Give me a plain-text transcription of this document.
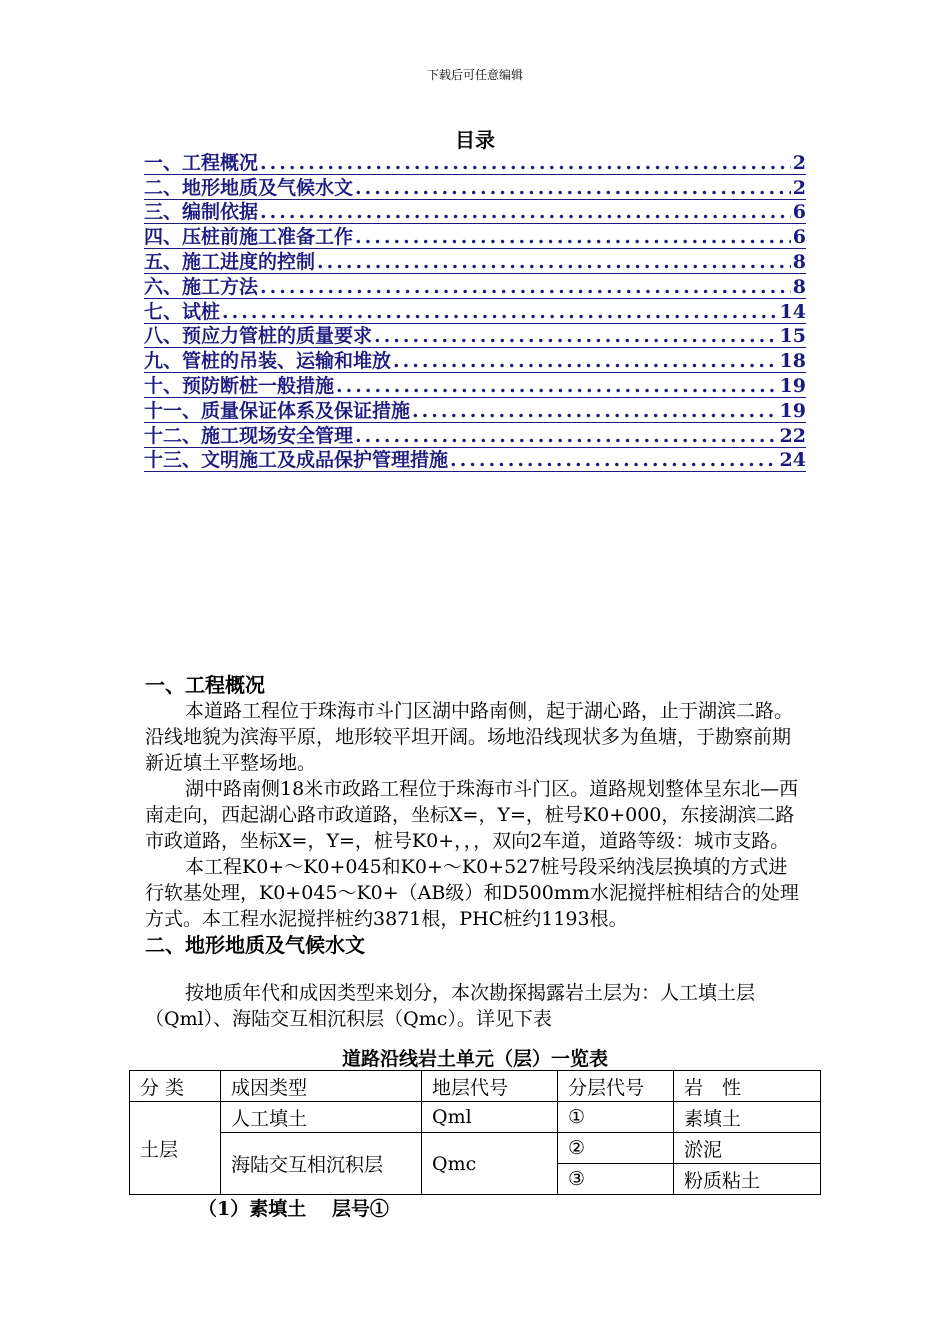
下载后可任意编辑
目录
一、工程概况 .....	2
二、地形地质及气候水文 .....	2
三、编制依据 .....	6
四、压桩前施工准备工作 .....	6
五、施工进度的控制 .....	8
六、施工方法 .....	8
七、试桩 .....	14
八、预应力管桩的质量要求 .....	15
九、管桩的吊装、运输和堆放 .....	18
十、预防断桩一般措施 .....	19
十一、质量保证体系及保证措施 .....	19
十二、施工现场安全管理 .....	22
十三、文明施工及成品保护管理措施 .....	24
一、工程概况

本道路工程位于珠海市斗门区湖中路南侧，起于湖心路，止于湖滨二路。沿线地貌为滨海平原，地形较平坦开阔。场地沿线现状多为鱼塘，于勘察前期新近填土平整场地。

湖中路南侧18米市政路工程位于珠海市斗门区。道路规划整体呈东北—西南走向，西起湖心路市政道路，坐标X=，Y=，桩号K0+000，东接湖滨二路市政道路，坐标X=，Y=，桩号K0+，，，双向2车道，道路等级：城市支路。

本工程K0+～K0+045和K0+～K0+527桩号段采纳浅层换填的方式进行软基处理，K0+045～K0+（AB级）和D500mm水泥搅拌桩相结合的处理方式。本工程水泥搅拌桩约3871根，PHC桩约1193根。

二、地形地质及气候水文

按地质年代和成因类型来划分，本次勘探揭露岩土层为：人工填土层（Qml）、海陆交互相沉积层（Qmc）。详见下表

道路沿线岩土单元（层）一览表
分 类	成因类型	地层代号	分层代号	岩　性
土层	人工填土	Qml	①	素填土
	海陆交互相沉积层	Qmc	②	淤泥
			③	粉质粘土
（1）素填土　 层号①
